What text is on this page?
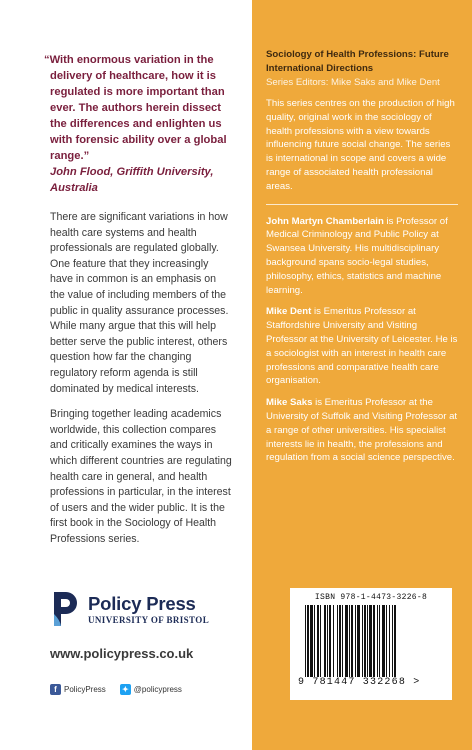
“With enormous variation in the delivery of healthcare, how it is regulated is more important than ever. The authors herein dissect the differences and enlighten us with forensic ability over a global range.”

John Flood, Griffith University, Australia

There are significant variations in how health care systems and health professionals are regulated globally. One feature that they increasingly have in common is an emphasis on the value of including members of the public in quality assurance processes. While many argue that this will help better serve the public interest, others question how far the changing regulatory reform agenda is still dominated by medical interests.

Bringing together leading academics worldwide, this collection compares and critically examines the ways in which different countries are regulating health care in general, and health professions in particular, in the interest of users and the wider public. It is the first book in the Sociology of Health Professions series.

Policy Press
UNIVERSITY OF BRISTOL
www.policypress.co.uk
f PolicyPress ✦ @policypress

Sociology of Health Professions: Future International Directions

Series Editors: Mike Saks and Mike Dent

This series centres on the production of high quality, original work in the sociology of health professions with a view towards influencing future social change. The series is international in scope and covers a wide range of associated health professional areas.

John Martyn Chamberlain is Professor of Medical Criminology and Public Policy at Swansea University. His multidisciplinary background spans socio-legal studies, philosophy, ethics, statistics and machine learning.

Mike Dent is Emeritus Professor at Staffordshire University and Visiting Professor at the University of Leicester. He is a sociologist with an interest in health care professions and comparative health care organisation.

Mike Saks is Emeritus Professor at the University of Suffolk and Visiting Professor at a range of other universities. His specialist interests lie in health, the professions and regulation from a social science perspective.

ISBN 978-1-4473-3226-8
9 781447 332268 >
